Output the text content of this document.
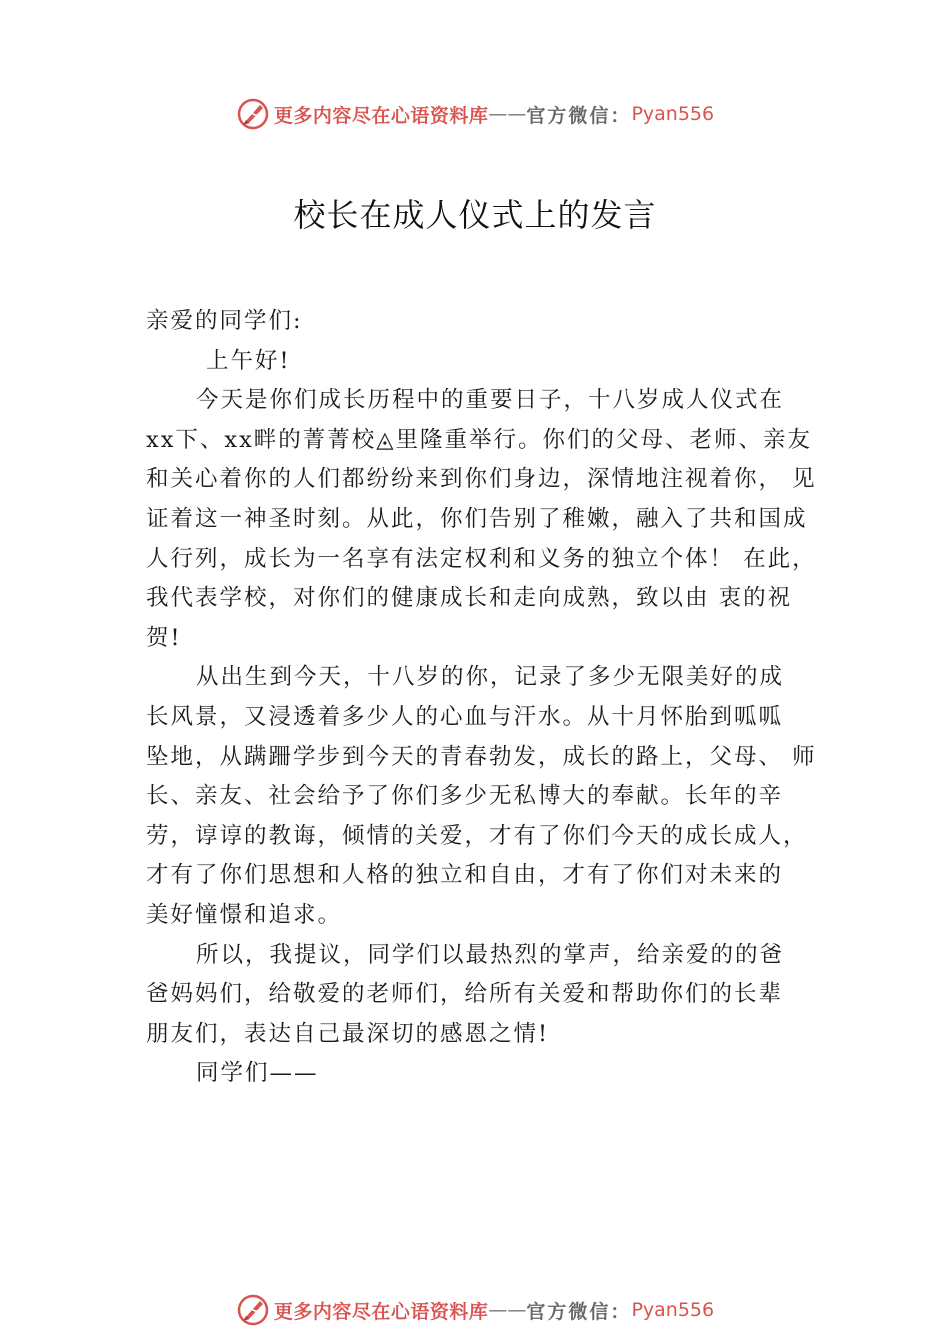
更多内容尽在心语资料库 —— 官方微信： Pyan556
校长在成人仪式上的发言

亲爱的同学们:

上午好!

今天是你们成长历程中的重要日子，十八岁成人仪式在
xx下、xx畔的菁菁校◬里隆重举行。你们的父母、老师、亲友
和关心着你的人们都纷纷来到你们身边，深情地注视着你， 见
证着这一神圣时刻。从此，你们告别了稚嫩，融入了共和国成
人行列，成长为一名享有法定权利和义务的独立个体！ 在此，
我代表学校，对你们的健康成长和走向成熟，致以由 衷的祝
贺!

从出生到今天，十八岁的你，记录了多少无限美好的成
长风景，又浸透着多少人的心血与汗水。从十月怀胎到呱呱
坠地，从蹒跚学步到今天的青春勃发，成长的路上，父母、 师
长、亲友、社会给予了你们多少无私博大的奉献。长年的辛
劳，谆谆的教诲，倾情的关爱，才有了你们今天的成长成人，
才有了你们思想和人格的独立和自由，才有了你们对未来的
美好憧憬和追求。

所以，我提议，同学们以最热烈的掌声，给亲爱的的爸
爸妈妈们，给敬爱的老师们，给所有关爱和帮助你们的长辈
朋友们，表达自己最深切的感恩之情!

同学们——

更多内容尽在心语资料库 —— 官方微信： Pyan556
